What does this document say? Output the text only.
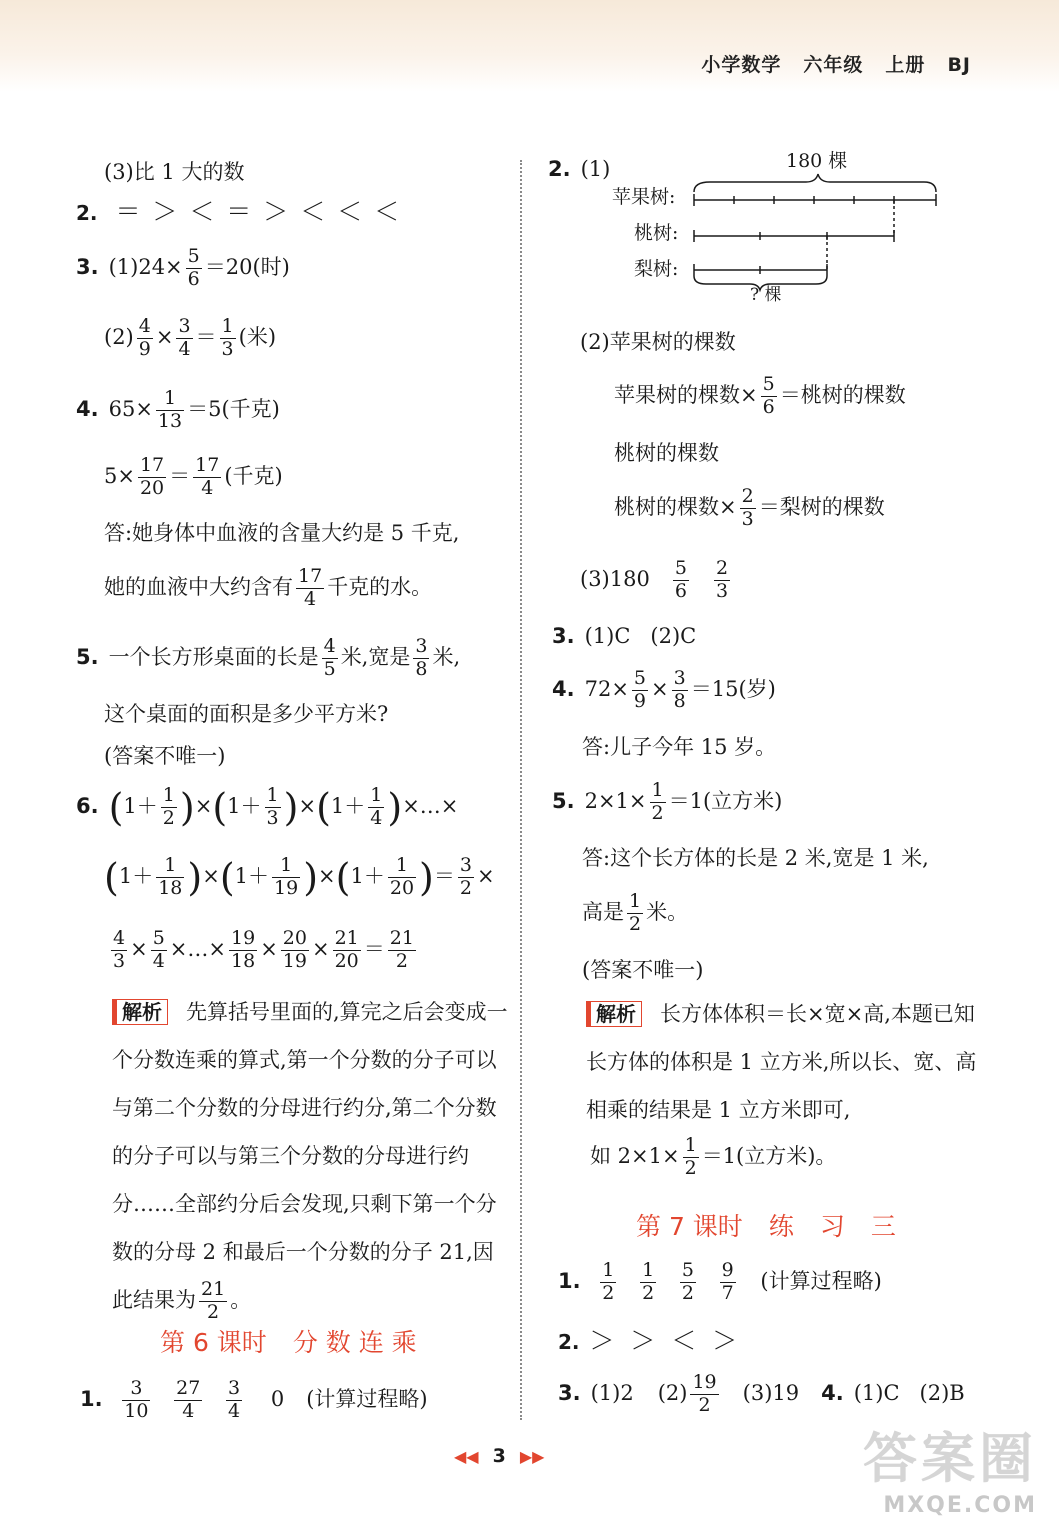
小学数学 六年级 上册 BJ
(3)比 1 大的数
2. ＝ ＞ ＜ ＝ ＞ ＜ ＜ ＜
3. $(1)24\times \frac{5}{6} =20$(时)
$(2) \frac{4}{9} \times \frac{3}{4} = \frac{1}{3}$ (米)
4. $65\times \frac{1}{13} =5$(千克)
$5\times \frac{17}{20} = \frac{17}{4}$ (千克)
答:她身体中血液的含量大约是 5 千克,
她的血液中大约含有 $\frac{17}{4}$ 千克的水。
5. 一个长方形桌面的长是 $\frac{4}{5}$ 米,宽是 $\frac{3}{8}$ 米,
这个桌面的面积是多少平方米?
(答案不唯一)
6. $(1+ \frac{1}{2} )\times(1+ \frac{1}{3} )\times(1+ \frac{1}{4}$ )×…×
$(1+ \frac{1}{18} )\times(1+ \frac{1}{19} )\times(1+ \frac{1}{20}$ )＝ $\frac{3}{2}$ ×
$\frac{4}{3} \times \frac{5}{4}$ ×…× $\frac{19}{18} \times \frac{20}{19} \times \frac{21}{20} = \frac{21}{2}$
解析 先算括号里面的,算完之后会变成一个分数连乘的算式,第一个分数的分子可以与第二个分数的分母进行约分,第二个分数的分子可以与第三个分数的分母进行约分……全部约分后会发现,只剩下第一个分数的分母 2 和最后一个分数的分子 21,因此结果为 $\frac{21}{2}$ 。
第 6 课时 分 数 连 乘
1. $\frac{3}{10}$
$\frac{27}{4}$
$\frac{3}{4} 0$ (计算过程略)
2. (1)	180 棵
苹果树:
桃树:
梨树:
? 棵
(2)苹果树的棵数
苹果树的棵数× $\frac{5}{6}$ ＝桃树的棵数
桃树的棵数
桃树的棵数× $\frac{2}{3}$ ＝梨树的棵数
$(3)180 \frac{5}{6} \frac{2}{3}$
3. (1)C   (2)C
4. $72\times \frac{5}{9} \times \frac{3}{8} =15$(岁)
答:儿子今年 15 岁。
5. $2\times 1\times \frac{1}{2} =1$(立方米)
答:这个长方体的长是 2 米,宽是 1 米,
高是 $\frac{1}{2}$ 米。
(答案不唯一)
解析 长方体体积＝长×宽×高,本题已知长方体的体积是 1 立方米,所以长、宽、高相乘的结果是 1 立方米即可,
如 $2\times 1\times \frac{1}{2} =1$(立方米)。
第 7 课时 练 习 三
1. $\frac{1}{2}$
$\frac{1}{2}$
$\frac{5}{2}$
$\frac{9}{7}$ (计算过程略)
2. ＞  ＞  ＜  ＞
3. (1)2 $(2) \frac{19}{2} (3)19$ 4. (1)C   (2)B
◀◀ 3 ▶▶	答案圈
MXQE.COM
